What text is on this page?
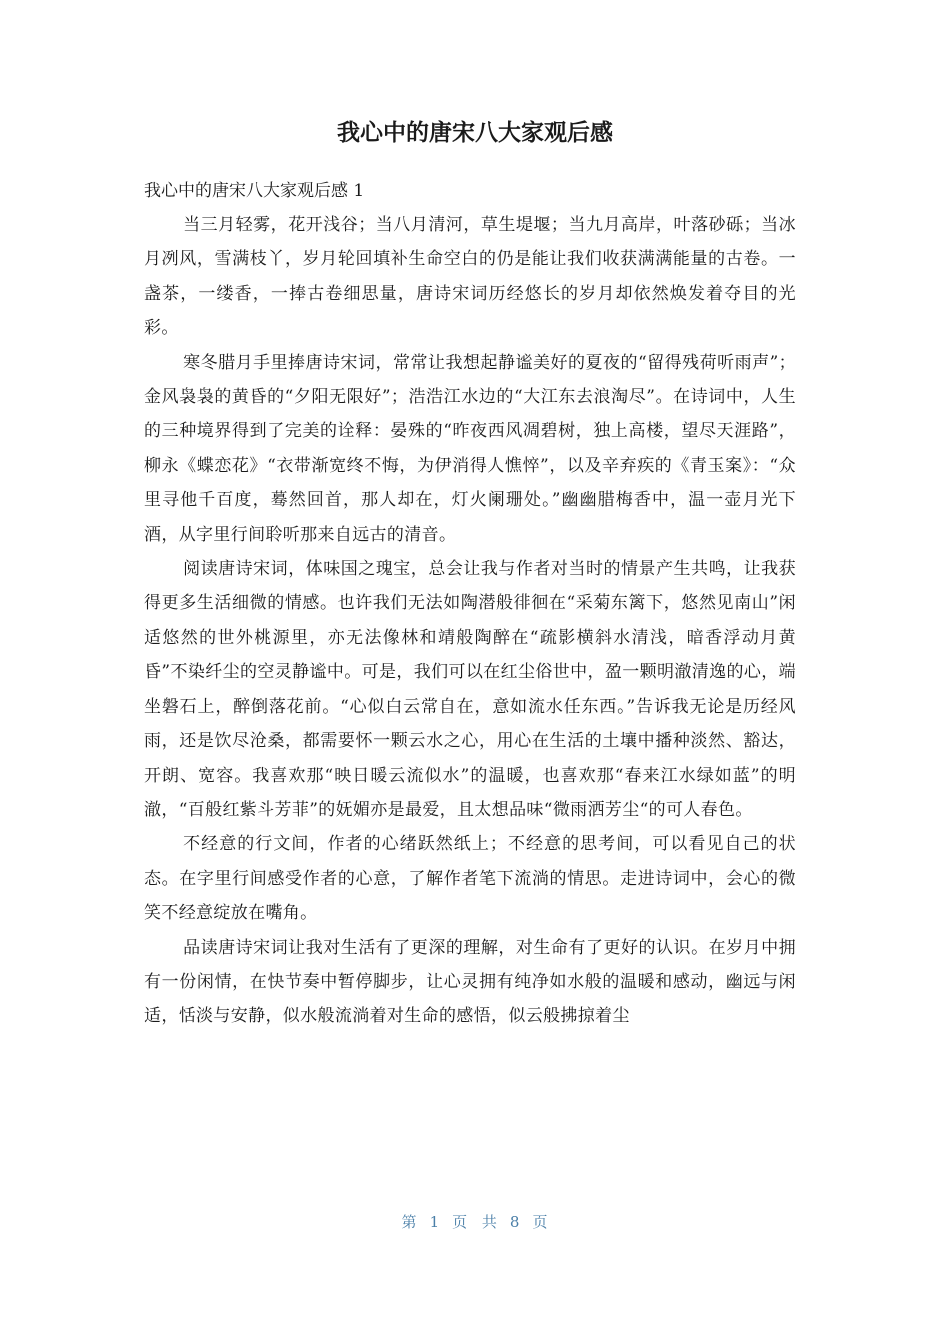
我心中的唐宋八大家观后感

我心中的唐宋八大家观后感 1

当三月轻雾，花开浅谷；当八月清河，草生堤堰；当九月高岸，叶落砂砾；当冰月冽风，雪满枝丫，岁月轮回填补生命空白的仍是能让我们收获满满能量的古卷。一盏茶，一缕香，一捧古卷细思量，唐诗宋词历经悠长的岁月却依然焕发着夺目的光彩。

寒冬腊月手里捧唐诗宋词，常常让我想起静谧美好的夏夜的“留得残荷听雨声”；金风袅袅的黄昏的“夕阳无限好”；浩浩江水边的“大江东去浪淘尽”。在诗词中，人生的三种境界得到了完美的诠释：晏殊的“昨夜西风凋碧树，独上高楼，望尽天涯路”，柳永《蝶恋花》“衣带渐宽终不悔，为伊消得人憔悴”，以及辛弃疾的《青玉案》：“众里寻他千百度，蓦然回首，那人却在，灯火阑珊处。”幽幽腊梅香中，温一壶月光下酒，从字里行间聆听那来自远古的清音。

阅读唐诗宋词，体味国之瑰宝，总会让我与作者对当时的情景产生共鸣，让我获得更多生活细微的情感。也许我们无法如陶潜般徘徊在“采菊东篱下，悠然见南山”闲适悠然的世外桃源里，亦无法像林和靖般陶醉在“疏影横斜水清浅，暗香浮动月黄昏”不染纤尘的空灵静谧中。可是，我们可以在红尘俗世中，盈一颗明澈清逸的心，端坐磐石上，醉倒落花前。“心似白云常自在，意如流水任东西。”告诉我无论是历经风雨，还是饮尽沧桑，都需要怀一颗云水之心，用心在生活的土壤中播种淡然、豁达，开朗、宽容。我喜欢那“映日暖云流似水”的温暖，也喜欢那“春来江水绿如蓝”的明澈，“百般红紫斗芳菲”的妩媚亦是最爱，且太想品味“微雨洒芳尘“的可人春色。

不经意的行文间，作者的心绪跃然纸上；不经意的思考间，可以看见自己的状态。在字里行间感受作者的心意，了解作者笔下流淌的情思。走进诗词中，会心的微笑不经意绽放在嘴角。

品读唐诗宋词让我对生活有了更深的理解，对生命有了更好的认识。在岁月中拥有一份闲情，在快节奏中暂停脚步，让心灵拥有纯净如水般的温暖和感动，幽远与闲适，恬淡与安静，似水般流淌着对生命的感悟，似云般拂掠着尘

第 1 页 共 8 页
